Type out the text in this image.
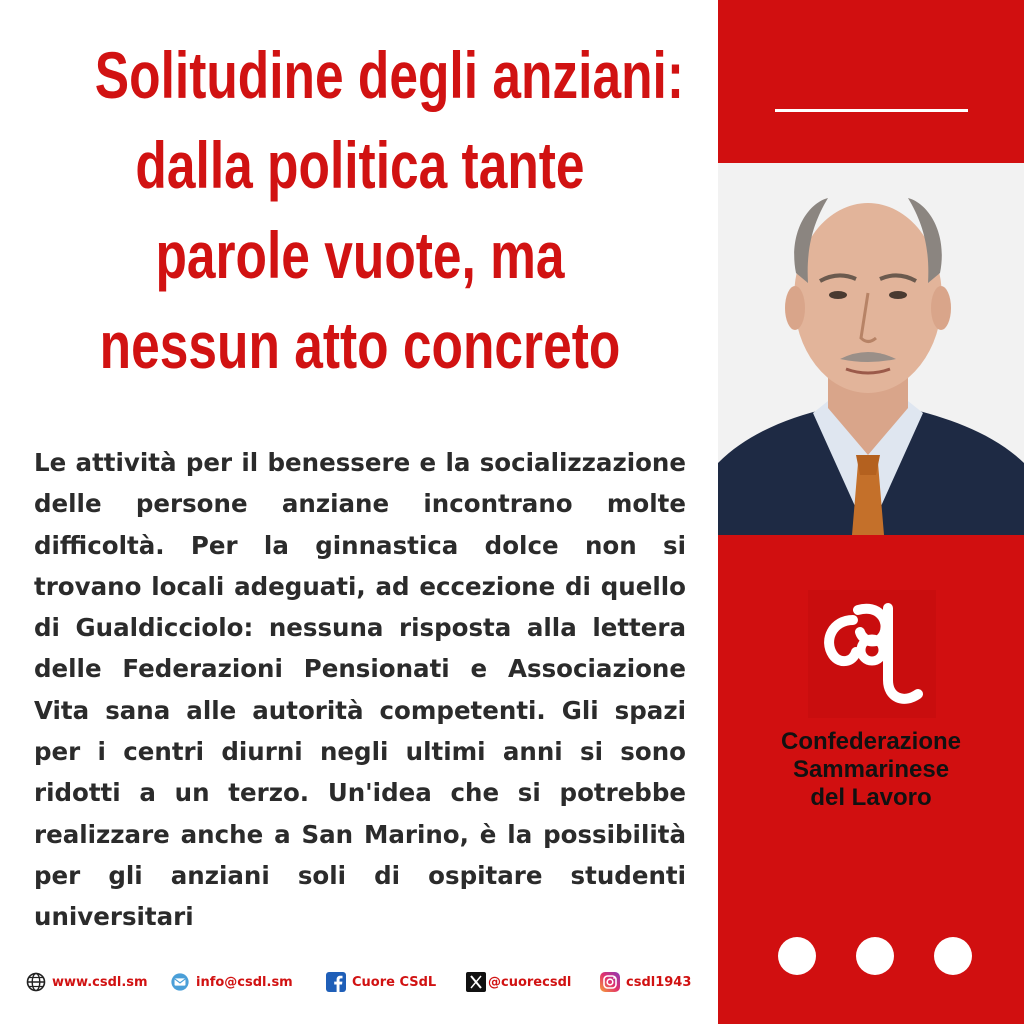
Solitudine degli anziani:
dalla politica tante
parole vuote, ma
nessun atto concreto
Le attività per il benessere e la socializzazione delle persone anziane incontrano molte difficoltà. Per la ginnastica dolce non si trovano locali adeguati, ad eccezione di quello di Gualdicciolo: nessuna risposta alla lettera delle Federazioni Pensionati e Associazione Vita sana alle autorità competenti. Gli spazi per i centri diurni negli ultimi anni si sono ridotti a un terzo. Un'idea che si potrebbe realizzare anche a San Marino, è la possibilità per gli anziani soli di ospitare studenti universitari
www.csdl.sm	info@csdl.sm	Cuore CSdL	@cuorecsdl	csdl1943
Confederazione
Sammarinese
del Lavoro
